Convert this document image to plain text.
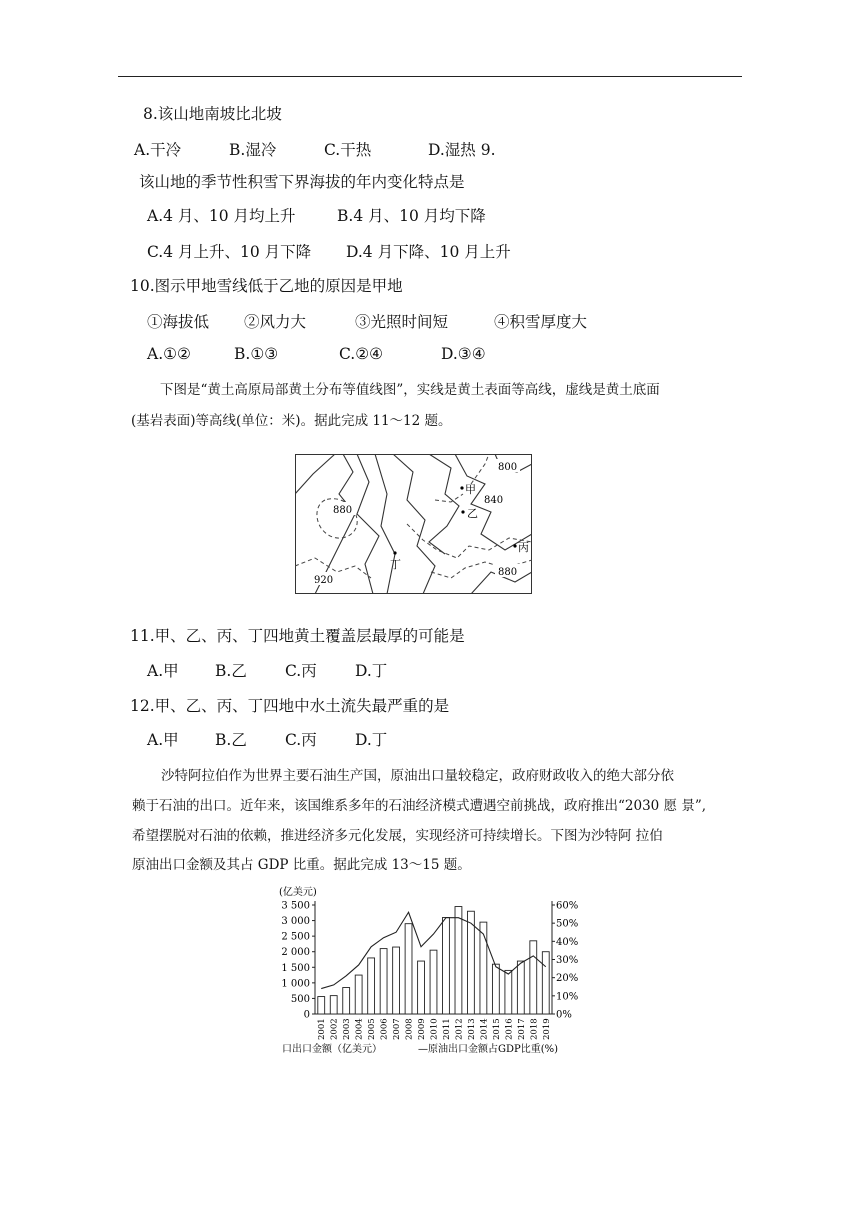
8.该山地南坡比北坡
A.干冷	B.湿冷	C.干热	D.湿热 9.
该山地的季节性积雪下界海拔的年内变化特点是
A.4 月、10 月均上升	B.4 月、10 月均下降
C.4 月上升、10 月下降 D.4 月下降、10 月上升
10.图示甲地雪线低于乙地的原因是甲地
①海拔低 ②风力大	③光照时间短	④积雪厚度大
A.①②	B.①③	C.②④	D.③④
下图是“黄土高原局部黄土分布等值线图”，实线是黄土表面等高线，虚线是黄土底面
(基岩表面)等高线(单位：米)。据此完成 11～12 题。
800
840
880
880
920
甲
乙
丙
丁
11.甲、乙、丙、丁四地黄土覆盖层最厚的可能是
A.甲 B.乙 C.丙 D.丁
12.甲、乙、丙、丁四地中水土流失最严重的是
A.甲 B.乙 C.丙 D.丁
沙特阿拉伯作为世界主要石油生产国，原油出口量较稳定，政府财政收入的绝大部分依
赖于石油的出口。近年来，该国维系多年的石油经济模式遭遇空前挑战，政府推出“2030 愿 景”,
希望摆脱对石油的依赖，推进经济多元化发展，实现经济可持续增长。下图为沙特阿 拉伯
原油出口金额及其占 GDP 比重。据此完成 13～15 题。
(亿美元)
0
500
1 000
1 500
2 000
2 500
3 000
3 500
0%
10%
20%
30%
40%
50%
60%
2001 2002 2003 2004 2005 2006 2007 2008 2009 2010 2011 2012 2013 2014 2015 2016 2017 2018 2019
口出口金额（亿美元）	—原油出口金额占GDP比重(%)
